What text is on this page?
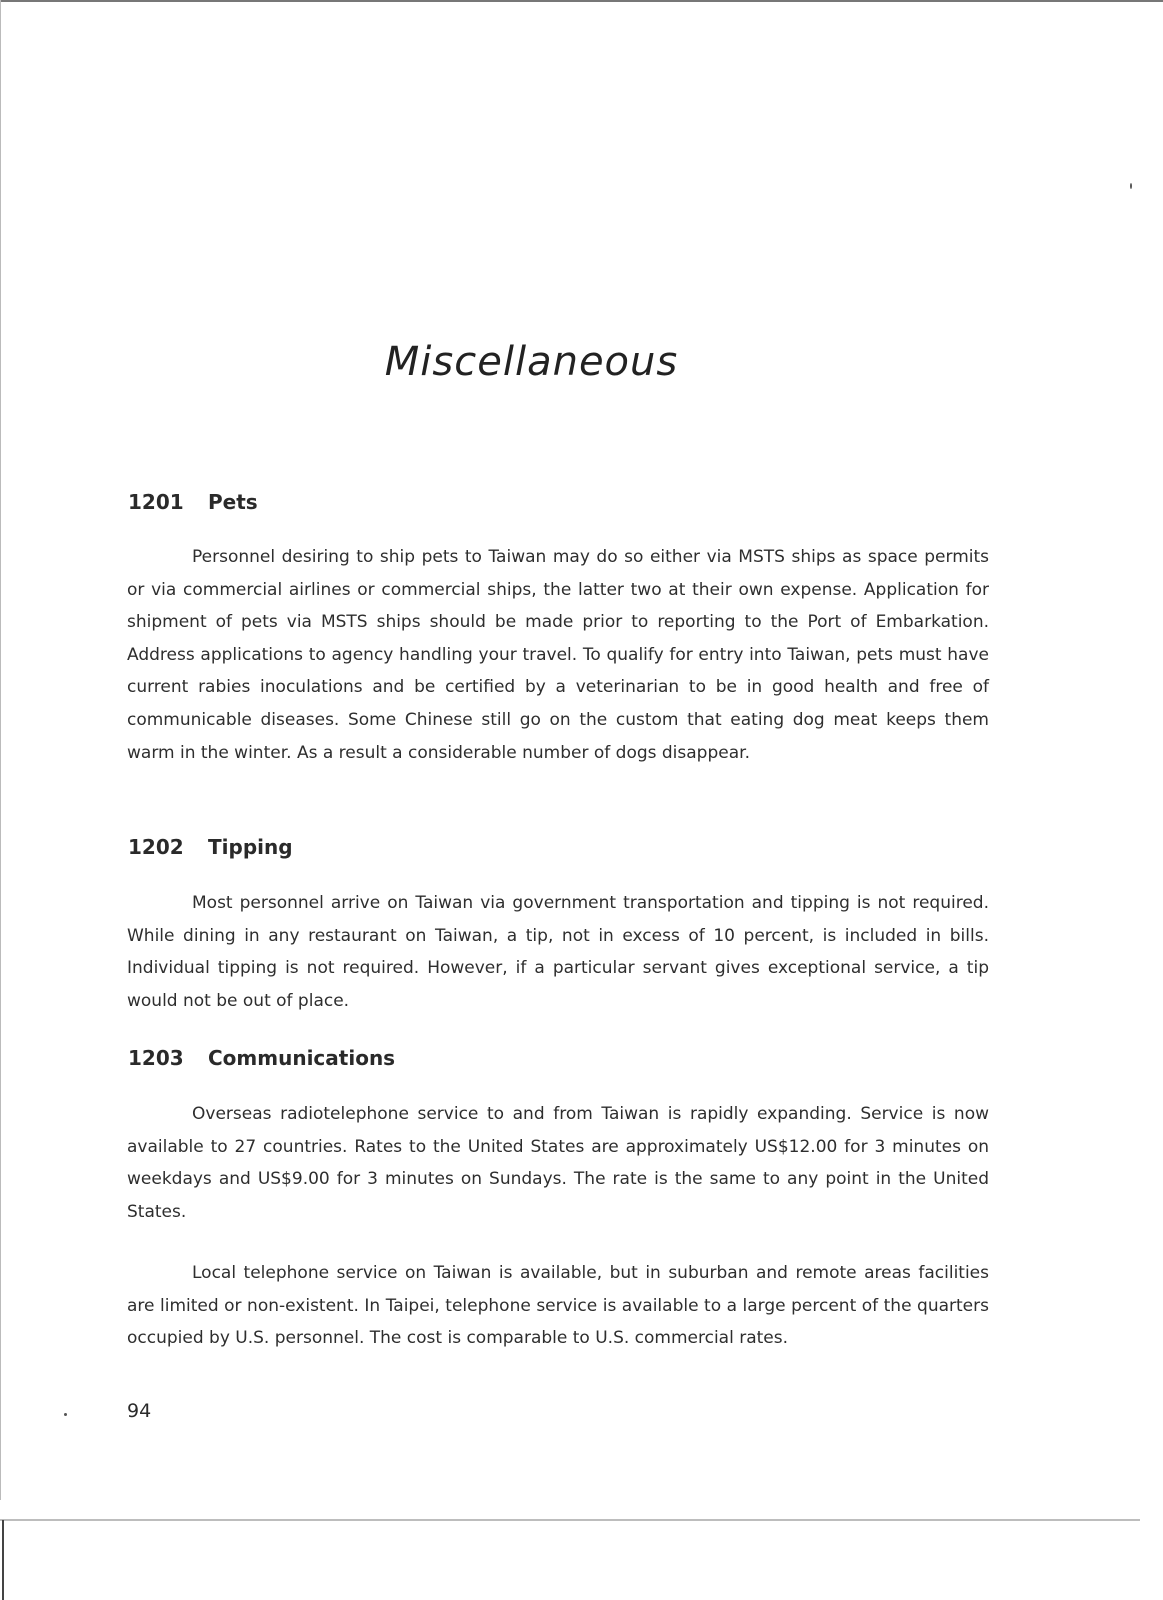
Miscellaneous
1201 Pets

Personnel desiring to ship pets to Taiwan may do so either via MSTS ships as space permits or via commercial airlines or commercial ships, the latter two at their own expense. Application for shipment of pets via MSTS ships should be made prior to reporting to the Port of Embarkation. Address applications to agency handling your travel. To qualify for entry into Taiwan, pets must have current rabies inoculations and be certified by a veterinarian to be in good health and free of communicable diseases. Some Chinese still go on the custom that eating dog meat keeps them warm in the winter. As a result a considerable number of dogs disappear.

1202 Tipping

Most personnel arrive on Taiwan via government transportation and tipping is not required. While dining in any restaurant on Taiwan, a tip, not in excess of 10 percent, is included in bills. Individual tipping is not required. However, if a particular servant gives exceptional service, a tip would not be out of place.

1203 Communications

Overseas radiotelephone service to and from Taiwan is rapidly expanding. Service is now available to 27 countries. Rates to the United States are approximately US$12.00 for 3 minutes on weekdays and US$9.00 for 3 minutes on Sundays. The rate is the same to any point in the United States.

Local telephone service on Taiwan is available, but in suburban and remote areas facilities are limited or non-existent. In Taipei, telephone service is available to a large percent of the quarters occupied by U.S. personnel. The cost is comparable to U.S. commercial rates.

94
